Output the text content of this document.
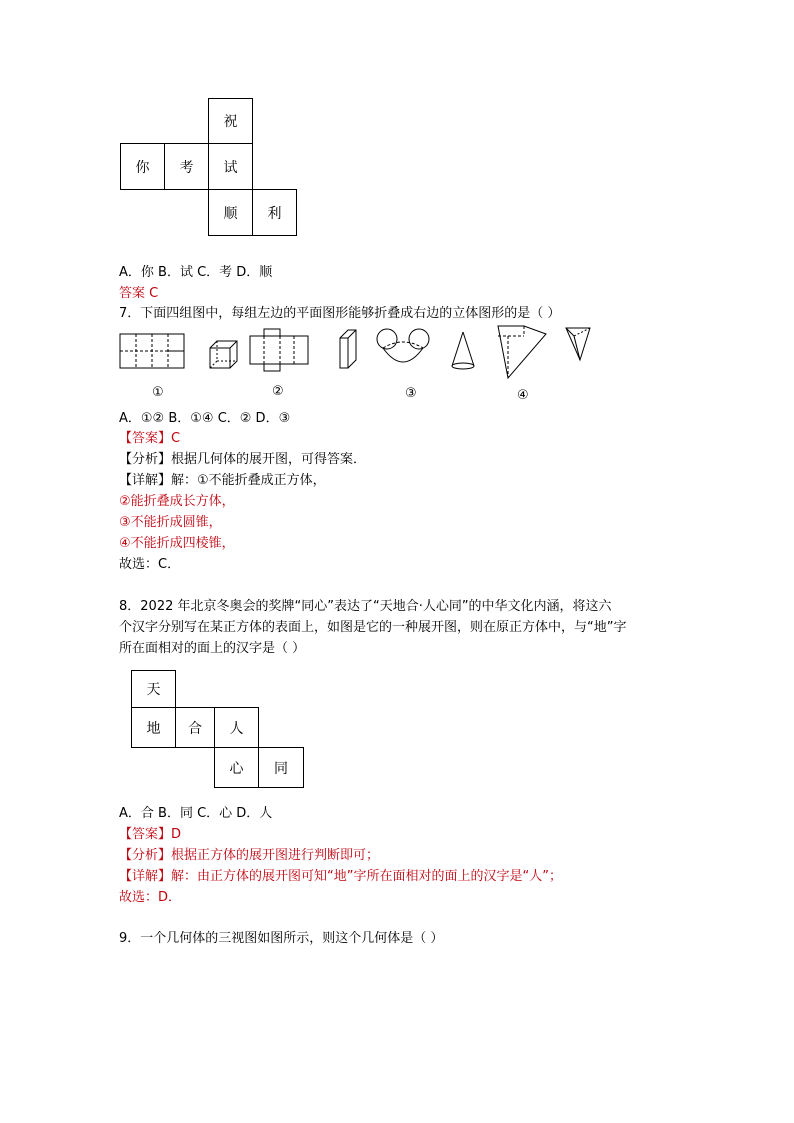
祝
你	考	试
顺	利
A．你 B．试 C．考 D．顺
答案 C
7．下面四组图中，每组左边的平面图形能够折叠成右边的立体图形的是（ ）
①	②	③	④
A．①② B．①④ C．② D．③
【答案】C
【分析】根据几何体的展开图，可得答案．
【详解】解：①不能折叠成正方体，
②能折叠成长方体，
③不能折成圆锥，
④不能折成四棱锥，
故选：C．
8．2022 年北京冬奥会的奖牌“同心”表达了“天地合·人心同”的中华文化内涵，将这六
个汉字分别写在某正方体的表面上，如图是它的一种展开图，则在原正方体中，与“地”字
所在面相对的面上的汉字是（ ）
天
地	合	人
心	同
A．合 B．同 C．心 D．人
【答案】D
【分析】根据正方体的展开图进行判断即可；
【详解】解：由正方体的展开图可知“地”字所在面相对的面上的汉字是“人”；
故选：D．
9．一个几何体的三视图如图所示，则这个几何体是（ ）
